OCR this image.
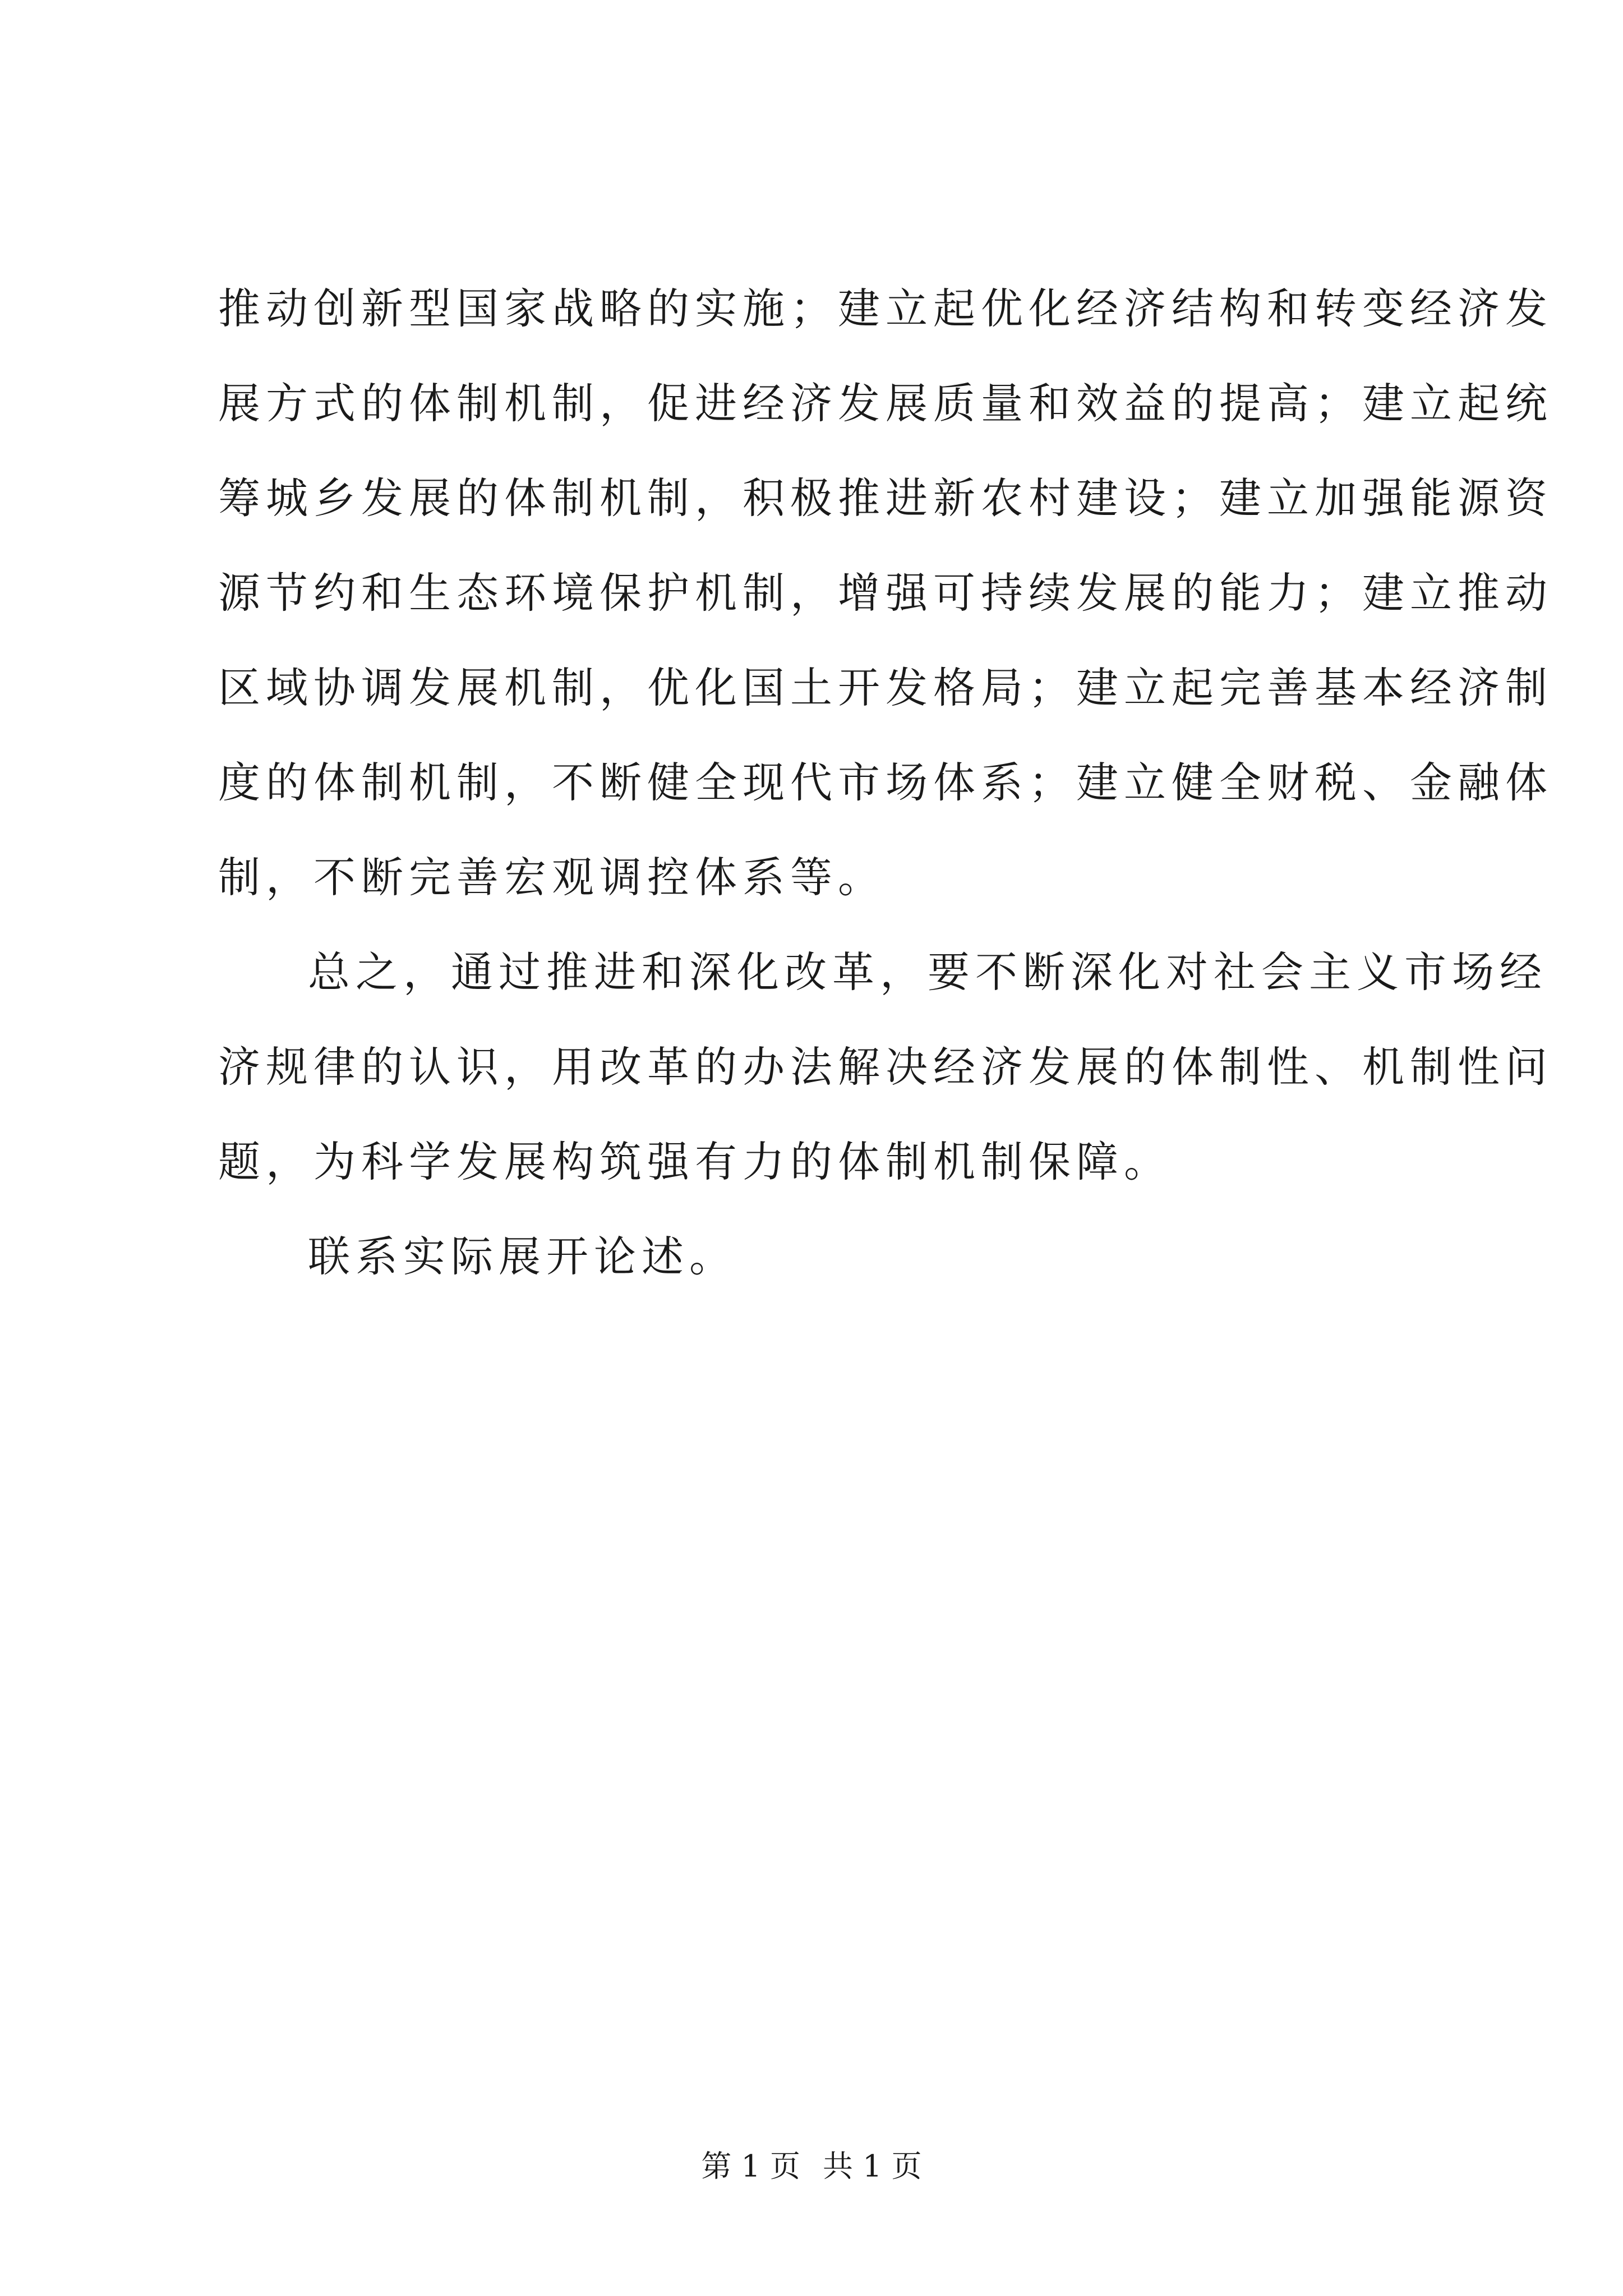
推动创新型国家战略的实施；建立起优化经济结构和转变经济发
展方式的体制机制，促进经济发展质量和效益的提高；建立起统
筹城乡发展的体制机制，积极推进新农村建设；建立加强能源资
源节约和生态环境保护机制，增强可持续发展的能力；建立推动
区域协调发展机制，优化国土开发格局；建立起完善基本经济制
度的体制机制，不断健全现代市场体系；建立健全财税、金融体
制，不断完善宏观调控体系等。
总之，通过推进和深化改革，要不断深化对社会主义市场经
济规律的认识，用改革的办法解决经济发展的体制性、机制性问
题，为科学发展构筑强有力的体制机制保障。
联系实际展开论述。
第 1 页 共 1 页
